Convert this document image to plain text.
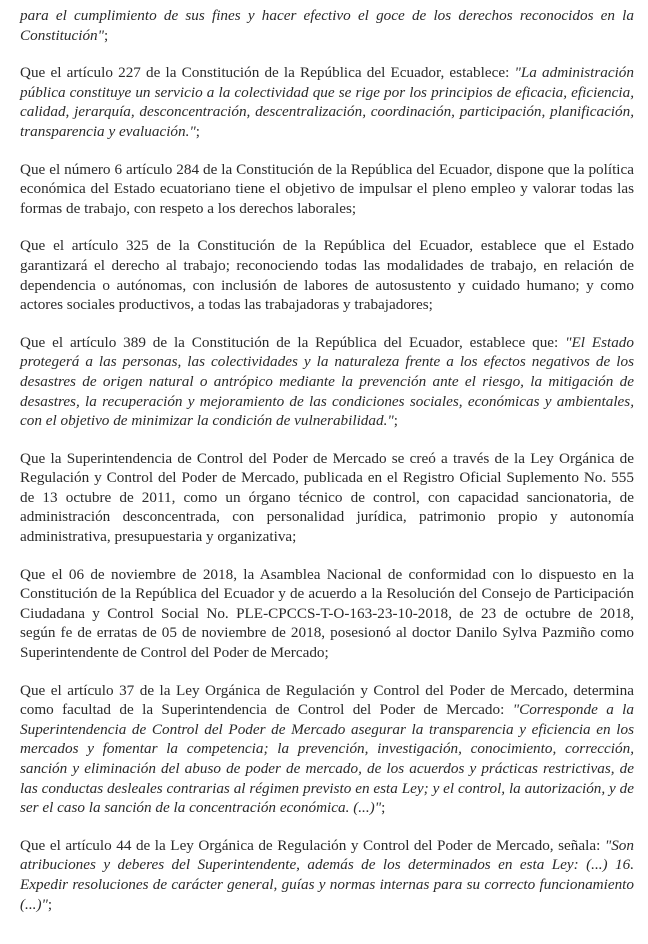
para el cumplimiento de sus fines y hacer efectivo el goce de los derechos reconocidos en la Constitución";

Que el artículo 227 de la Constitución de la República del Ecuador, establece: "La administración pública constituye un servicio a la colectividad que se rige por los principios de eficacia, eficiencia, calidad, jerarquía, desconcentración, descentralización, coordinación, participación, planificación, transparencia y evaluación.";

Que el número 6 artículo 284 de la Constitución de la República del Ecuador, dispone que la política económica del Estado ecuatoriano tiene el objetivo de impulsar el pleno empleo y valorar todas las formas de trabajo, con respeto a los derechos laborales;

Que el artículo 325 de la Constitución de la República del Ecuador, establece que el Estado garantizará el derecho al trabajo; reconociendo todas las modalidades de trabajo, en relación de dependencia o autónomas, con inclusión de labores de autosustento y cuidado humano; y como actores sociales productivos, a todas las trabajadoras y trabajadores;

Que el artículo 389 de la Constitución de la República del Ecuador, establece que: "El Estado protegerá a las personas, las colectividades y la naturaleza frente a los efectos negativos de los desastres de origen natural o antrópico mediante la prevención ante el riesgo, la mitigación de desastres, la recuperación y mejoramiento de las condiciones sociales, económicas y ambientales, con el objetivo de minimizar la condición de vulnerabilidad.";

Que la Superintendencia de Control del Poder de Mercado se creó a través de la Ley Orgánica de Regulación y Control del Poder de Mercado, publicada en el Registro Oficial Suplemento No. 555 de 13 octubre de 2011, como un órgano técnico de control, con capacidad sancionatoria, de administración desconcentrada, con personalidad jurídica, patrimonio propio y autonomía administrativa, presupuestaria y organizativa;

Que el 06 de noviembre de 2018, la Asamblea Nacional de conformidad con lo dispuesto en la Constitución de la República del Ecuador y de acuerdo a la Resolución del Consejo de Participación Ciudadana y Control Social No. PLE-CPCCS-T-O-163-23-10-2018, de 23 de octubre de 2018, según fe de erratas de 05 de noviembre de 2018, posesionó al doctor Danilo Sylva Pazmiño como Superintendente de Control del Poder de Mercado;

Que el artículo 37 de la Ley Orgánica de Regulación y Control del Poder de Mercado, determina como facultad de la Superintendencia de Control del Poder de Mercado: "Corresponde a la Superintendencia de Control del Poder de Mercado asegurar la transparencia y eficiencia en los mercados y fomentar la competencia; la prevención, investigación, conocimiento, corrección, sanción y eliminación del abuso de poder de mercado, de los acuerdos y prácticas restrictivas, de las conductas desleales contrarias al régimen previsto en esta Ley; y el control, la autorización, y de ser el caso la sanción de la concentración económica. (...)";

Que el artículo 44 de la Ley Orgánica de Regulación y Control del Poder de Mercado, señala: "Son atribuciones y deberes del Superintendente, además de los determinados en esta Ley: (...) 16. Expedir resoluciones de carácter general, guías y normas internas para su correcto funcionamiento (...)";
